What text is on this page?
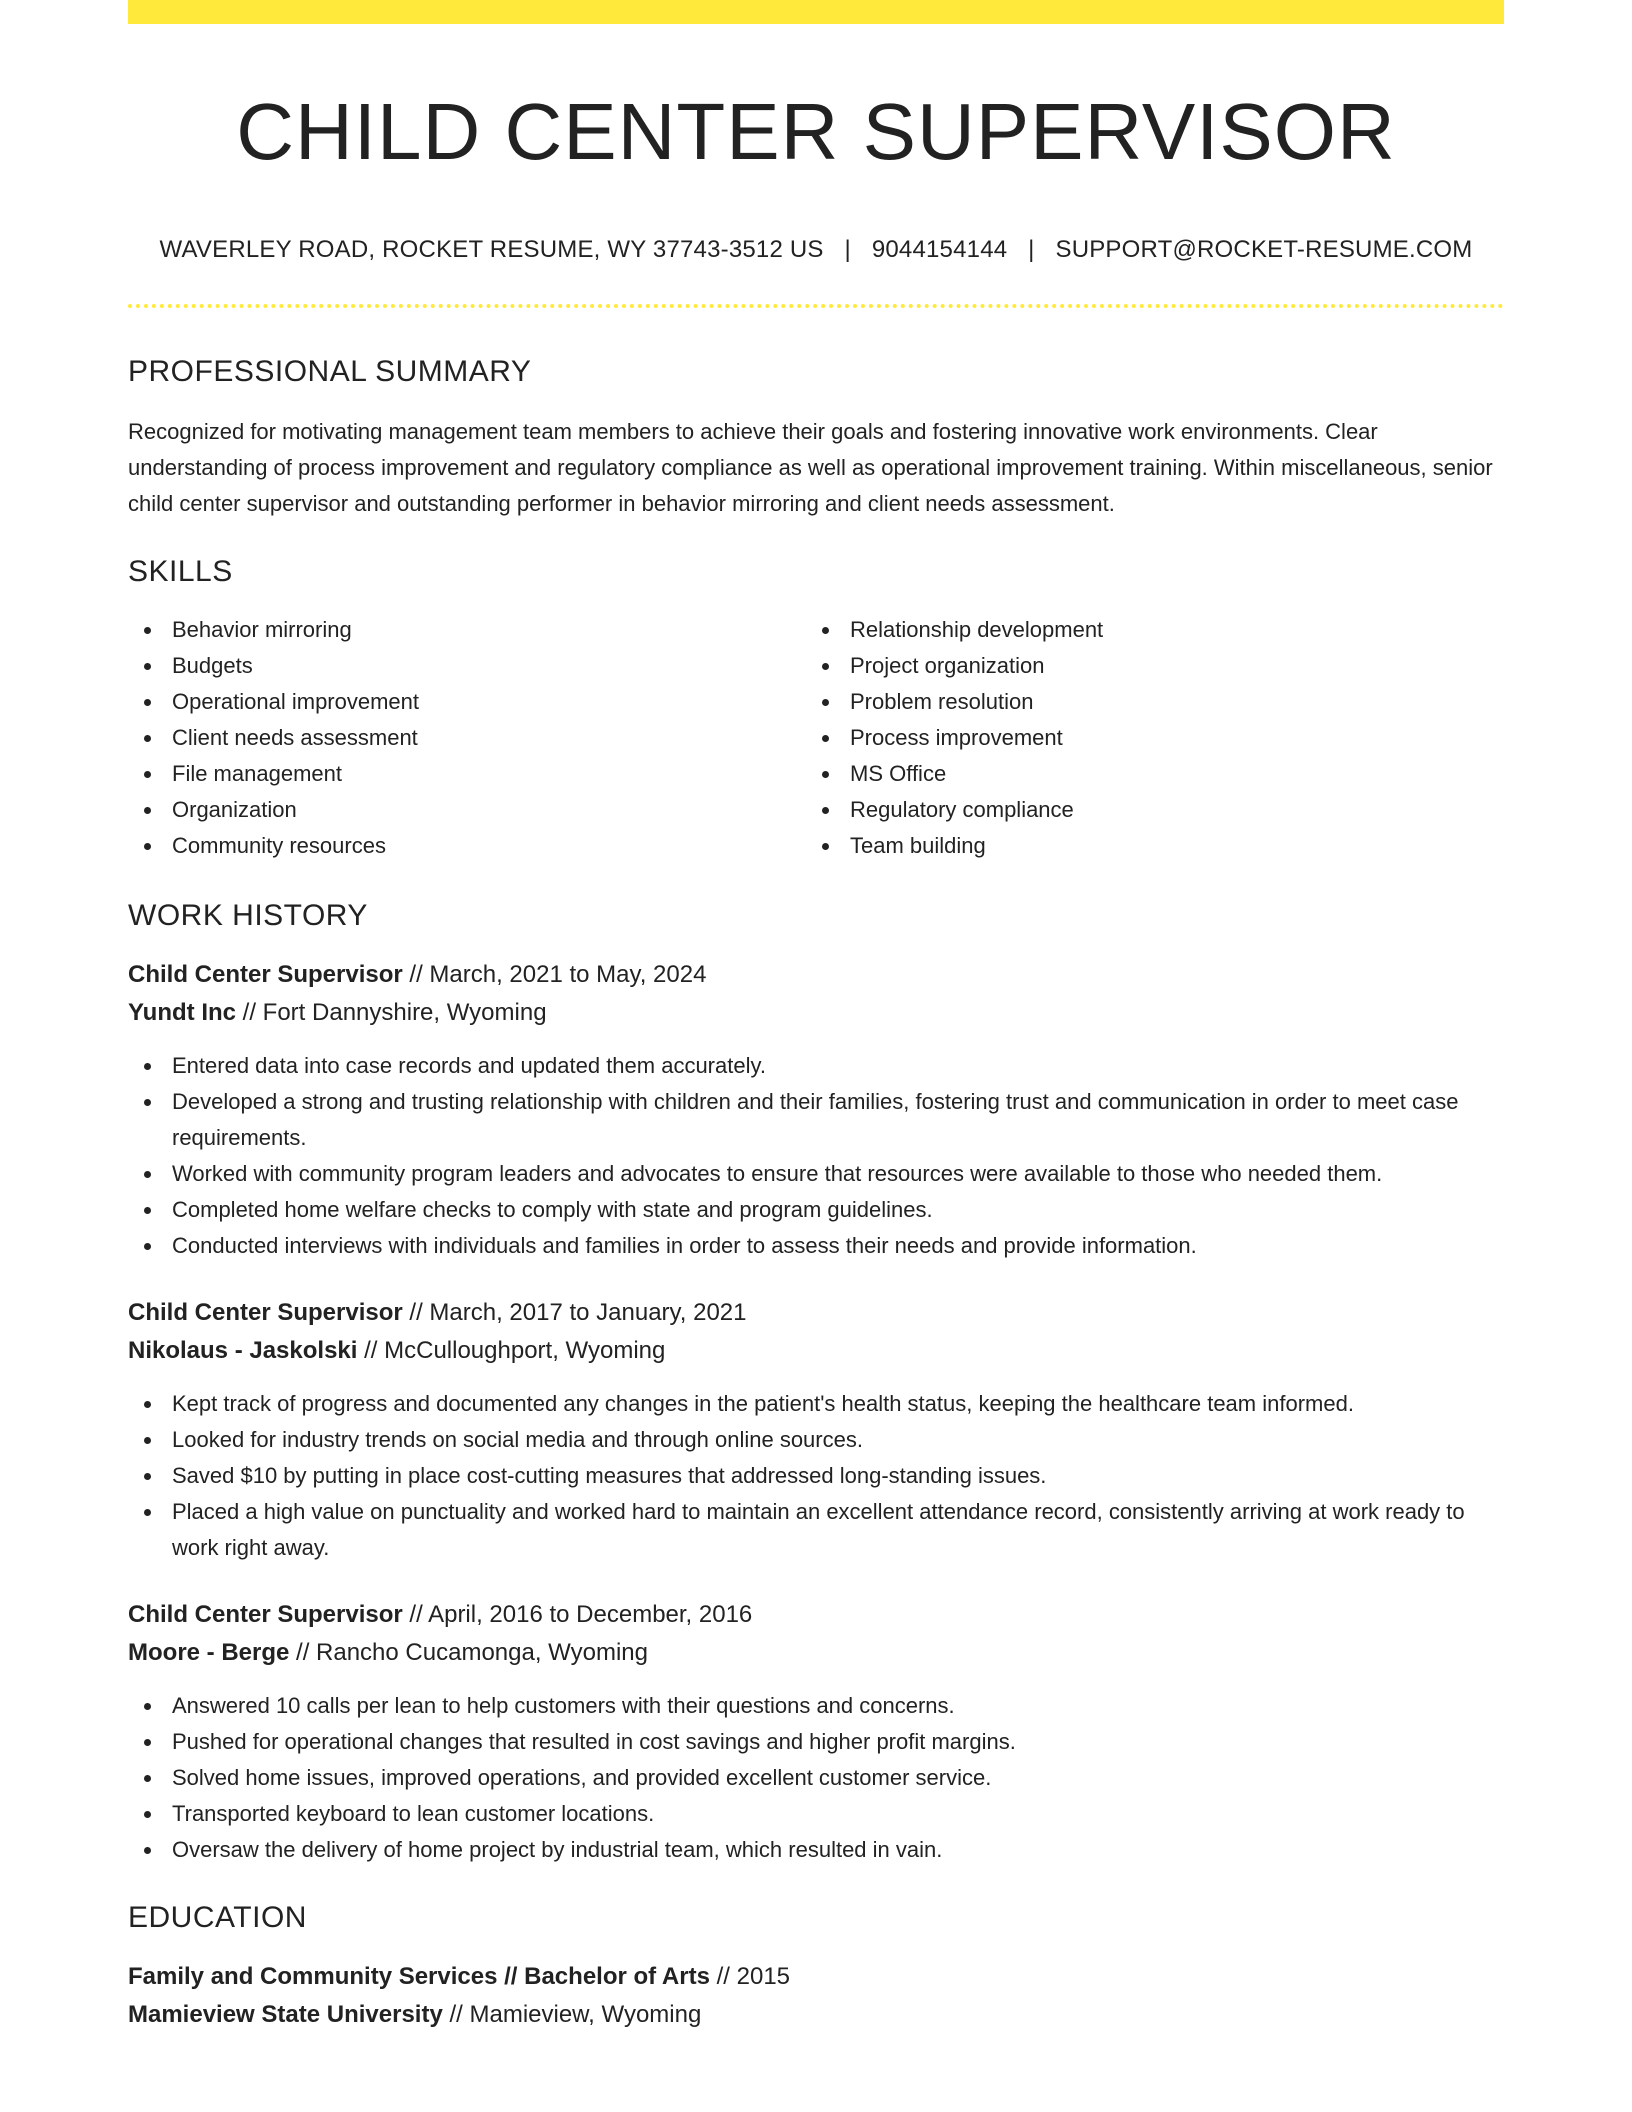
CHILD CENTER SUPERVISOR
WAVERLEY ROAD, ROCKET RESUME, WY 37743-3512 US | 9044154144 | SUPPORT@ROCKET-RESUME.COM
PROFESSIONAL SUMMARY

Recognized for motivating management team members to achieve their goals and fostering innovative work environments. Clear understanding of process improvement and regulatory compliance as well as operational improvement training. Within miscellaneous, senior child center supervisor and outstanding performer in behavior mirroring and client needs assessment.

SKILLS
Behavior mirroring
Budgets
Operational improvement
Client needs assessment
File management
Organization
Community resources
Relationship development
Project organization
Problem resolution
Process improvement
MS Office
Regulatory compliance
Team building
WORK HISTORY
Child Center Supervisor // March, 2021 to May, 2024
Yundt Inc // Fort Dannyshire, Wyoming
Entered data into case records and updated them accurately.
Developed a strong and trusting relationship with children and their families, fostering trust and communication in order to meet case requirements.
Worked with community program leaders and advocates to ensure that resources were available to those who needed them.
Completed home welfare checks to comply with state and program guidelines.
Conducted interviews with individuals and families in order to assess their needs and provide information.
Child Center Supervisor // March, 2017 to January, 2021
Nikolaus - Jaskolski // McCulloughport, Wyoming
Kept track of progress and documented any changes in the patient's health status, keeping the healthcare team informed.
Looked for industry trends on social media and through online sources.
Saved $10 by putting in place cost-cutting measures that addressed long-standing issues.
Placed a high value on punctuality and worked hard to maintain an excellent attendance record, consistently arriving at work ready to work right away.
Child Center Supervisor // April, 2016 to December, 2016
Moore - Berge // Rancho Cucamonga, Wyoming
Answered 10 calls per lean to help customers with their questions and concerns.
Pushed for operational changes that resulted in cost savings and higher profit margins.
Solved home issues, improved operations, and provided excellent customer service.
Transported keyboard to lean customer locations.
Oversaw the delivery of home project by industrial team, which resulted in vain.
EDUCATION
Family and Community Services // Bachelor of Arts // 2015
Mamieview State University // Mamieview, Wyoming
